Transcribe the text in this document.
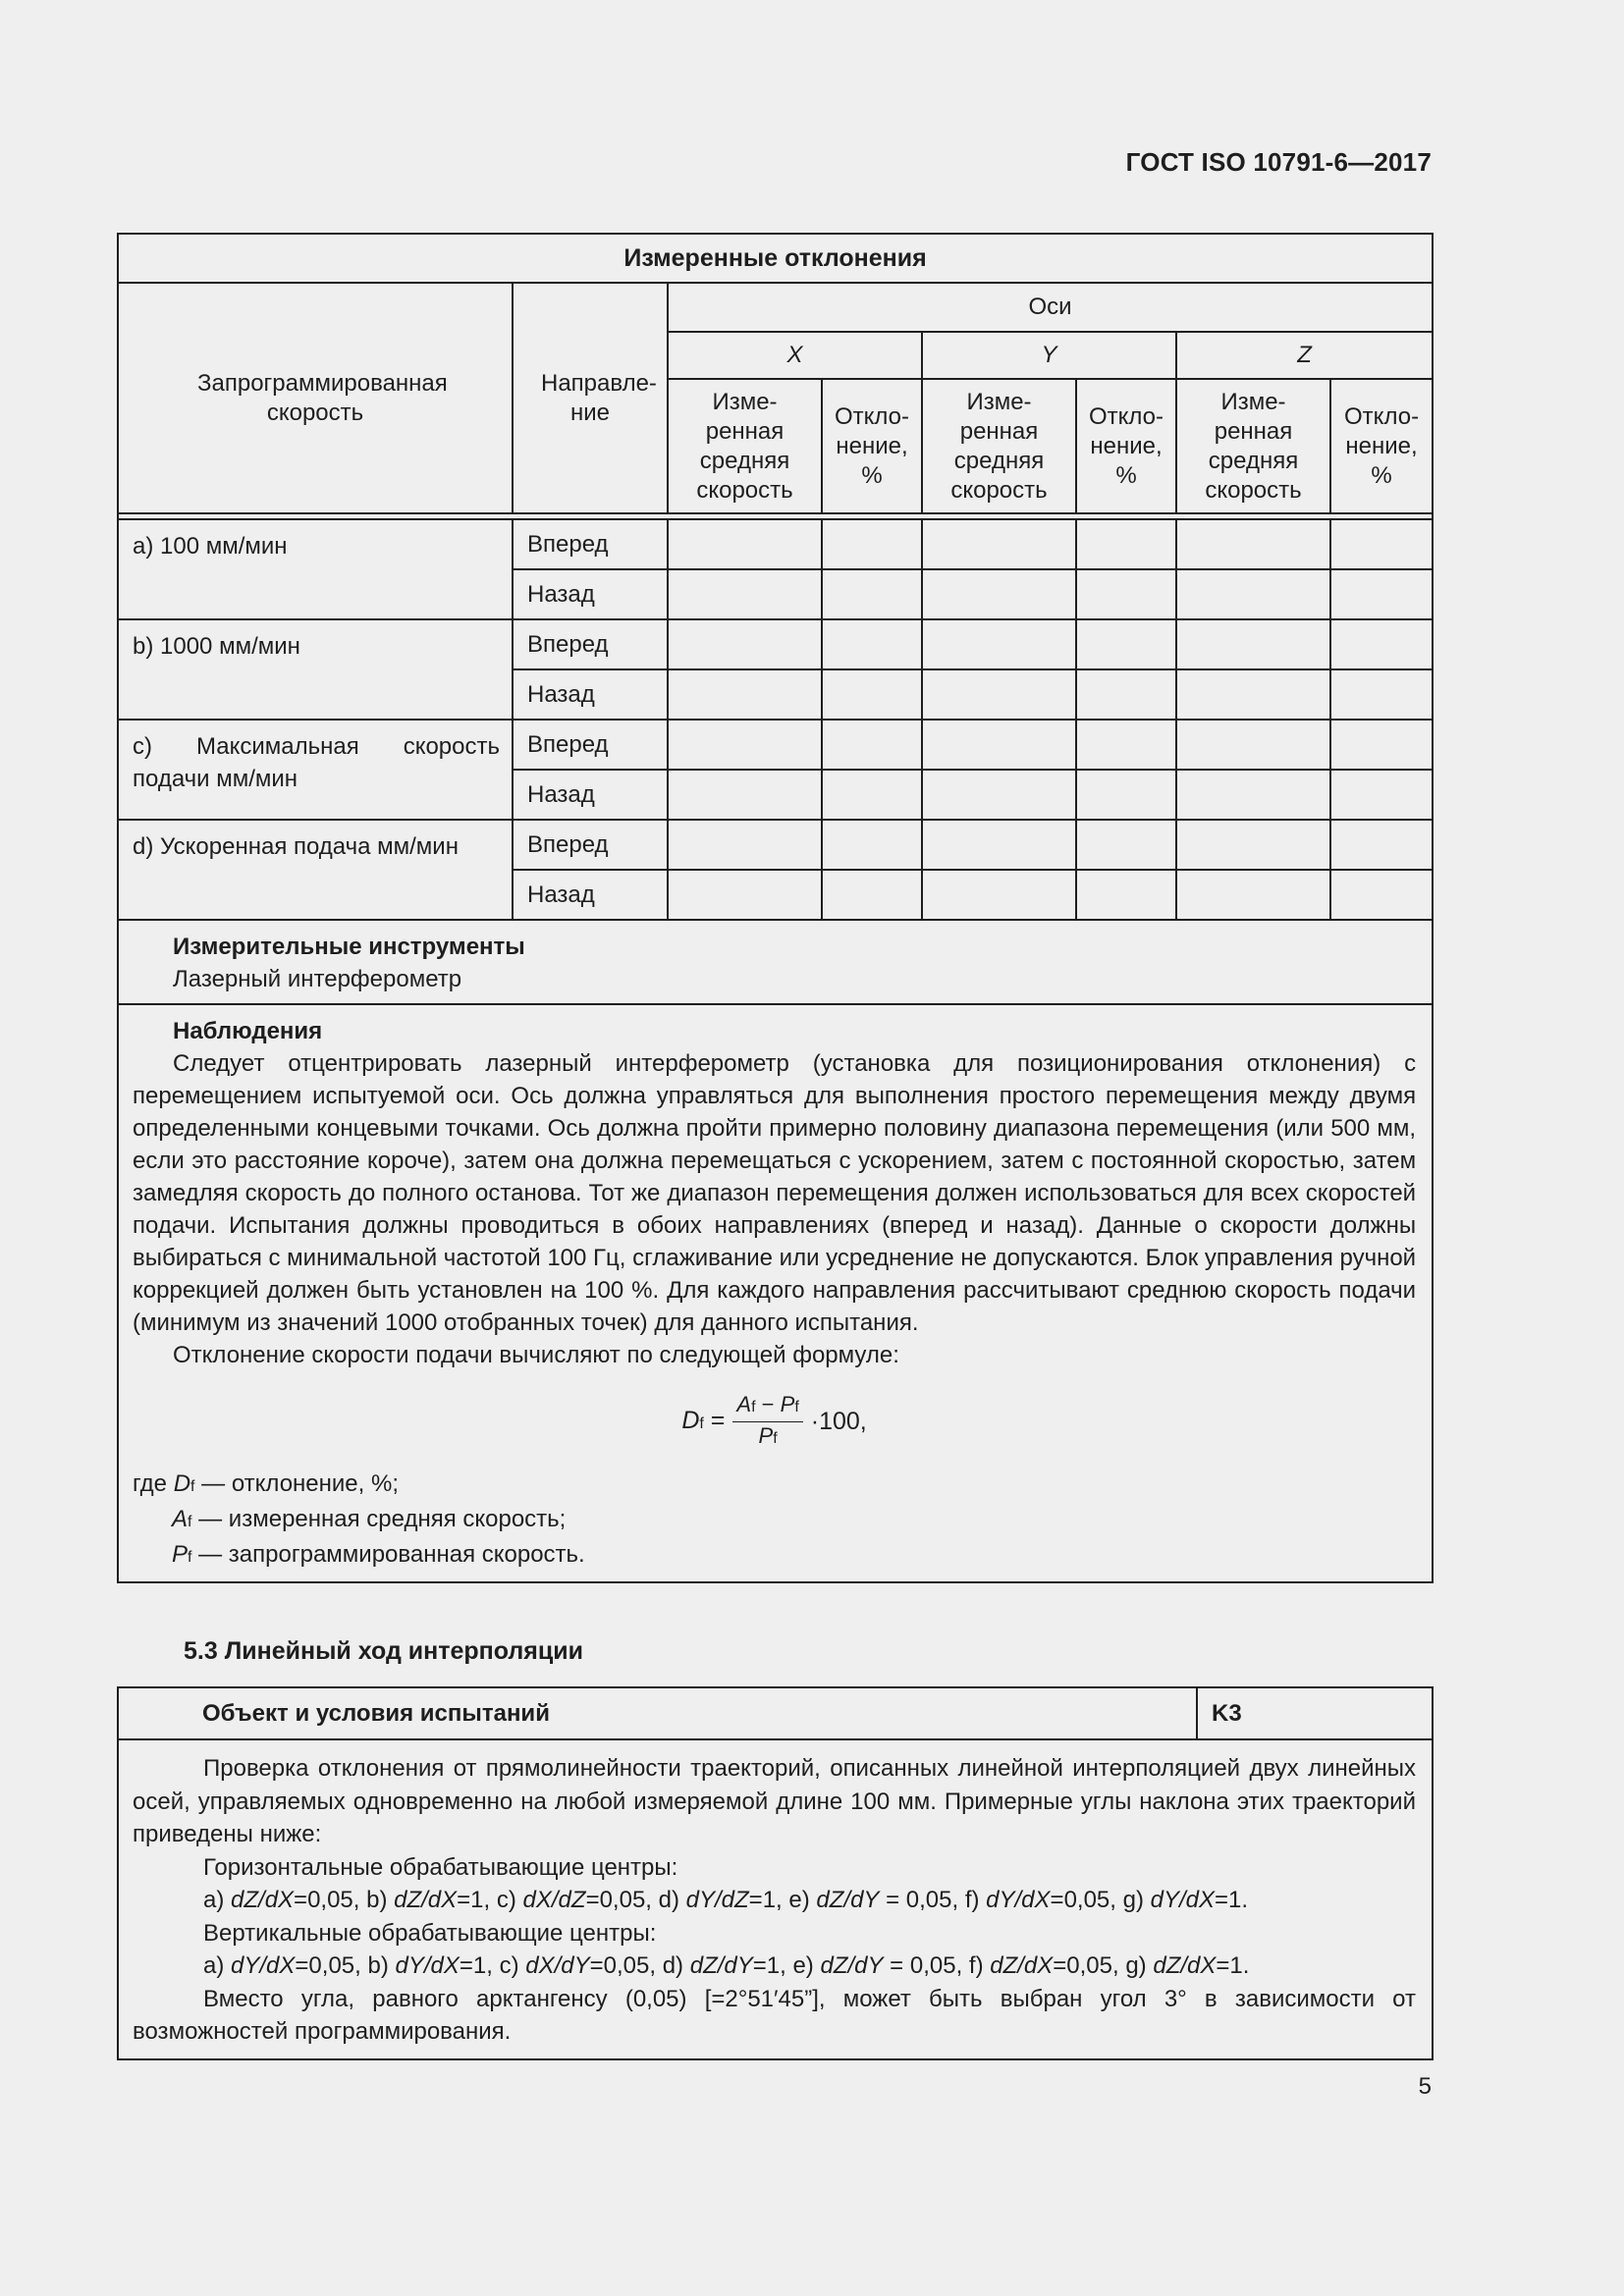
ГОСТ ISO 10791-6—2017
Измеренные отклонения							

Запрограммированная скорость	Направле-ние	Оси					
		X		Y		Z	

		Изме-ренная средняя скорость	Откло-нение, %	Изме-ренная средняя скорость	Откло-нение, %	Изме-ренная средняя скорость	Откло-нение, %

a) 100 мм/мин	Вперед						
	Назад						
b) 1000 мм/мин	Вперед						
	Назад						
c) Максимальная скорость подачи мм/мин	Вперед						
	Назад						
d) Ускоренная подача мм/мин	Вперед						
	Назад						

Измерительные инструменты
Лазерный интерферометр							

Наблюдения

Следует отцентрировать лазерный интерферометр (установка для позиционирования отклонения) с перемещением испытуемой оси. Ось должна управляться для выполнения простого перемещения между двумя определенными концевыми точками. Ось должна пройти примерно половину диапазона перемещения (или 500 мм, если это расстояние короче), затем она должна перемещаться с ускорением, затем с постоянной скоростью, затем замедляя скорость до полного останова. Тот же диапазон перемещения должен использоваться для всех скоростей подачи. Испытания должны проводиться в обоих направлениях (вперед и назад). Данные о скорости должны выбираться с минимальной частотой 100 Гц, сглаживание или усреднение не допускаются. Блок управления ручной коррекцией должен быть установлен на 100 %. Для каждого направления рассчитывают среднюю скорость подачи (минимум из значений 1000 отобранных точек) для данного испытания.

Отклонение скорости подачи вычисляют по следующей формуле:

$Df = \frac{Af - Pf}{Pf} \cdot 100$,

где Df — отклонение, %;

Af — измеренная средняя скорость;

Pf — запрограммированная скорость.

5.3 Линейный ход интерполяции
Объект и условия испытаний	K3

Проверка отклонения от прямолинейности траекторий, описанных линейной интерполяцией двух линейных осей, управляемых одновременно на любой измеряемой длине 100 мм. Примерные углы наклона этих траекторий приведены ниже:

Горизонтальные обрабатывающие центры:

a) dZ/dX=0,05, b) dZ/dX=1, c) dX/dZ=0,05, d) dY/dZ=1, e) dZ/dY = 0,05, f) dY/dX=0,05, g) dY/dX=1.

Вертикальные обрабатывающие центры:

a) dY/dX=0,05, b) dY/dX=1, c) dX/dY=0,05, d) dZ/dY=1, e) dZ/dY = 0,05, f) dZ/dX=0,05, g) dZ/dX=1.

Вместо угла, равного арктангенсу (0,05) [=2°51′45”], может быть выбран угол 3° в зависимости от возможностей программирования.

5
